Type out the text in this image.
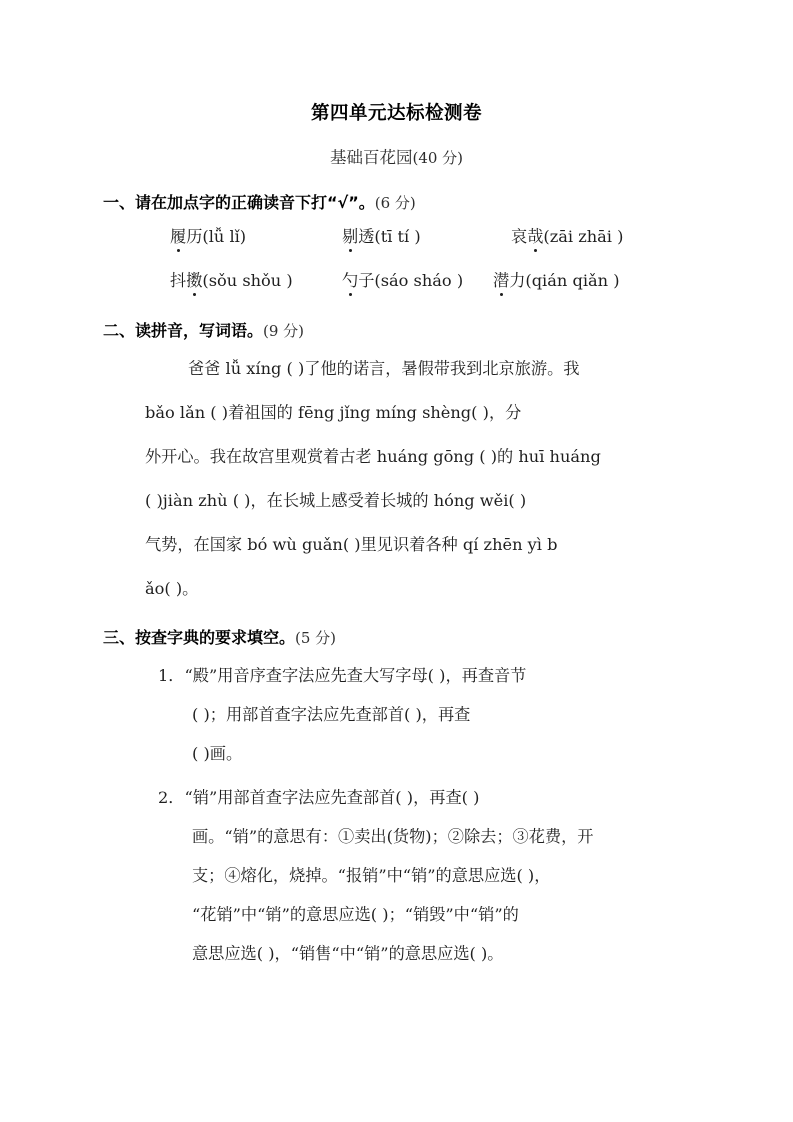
第四单元达标检测卷
基础百花园(40 分)
一、请在加点字的正确读音下打“√”。(6 分)
履历(lǚ lǐ)	剔透(tī tí )	哀哉(zāi zhāi )
抖擞(sǒu shǒu )	勺子(sáo sháo ) 潜力(qián qiǎn )
二、读拼音，写词语。(9 分)
爸爸 lǚ xíng ( )了他的诺言，暑假带我到北京旅游。我
bǎo lǎn ( )着祖国的 fēng jǐng míng shèng( )，分
外开心。我在故宫里观赏着古老 huáng gōng ( )的 huī huáng
( )jiàn zhù ( )，在长城上感受着长城的 hóng wěi( )
气势，在国家 bó wù guǎn( )里见识着各种 qí zhēn yì b
ǎo( )。
三、按查字典的要求填空。(5 分)
1．“殿”用音序查字法应先查大写字母( )，再查音节
( )；用部首查字法应先查部首( )，再查
( )画。
2．“销”用部首查字法应先查部首( )，再查( )
画。“销”的意思有：①卖出(货物)；②除去；③花费，开
支；④熔化，烧掉。“报销”中“销”的意思应选( )，
“花销”中“销”的意思应选( )；“销毁”中“销”的
意思应选( )，“销售“中“销”的意思应选( )。
